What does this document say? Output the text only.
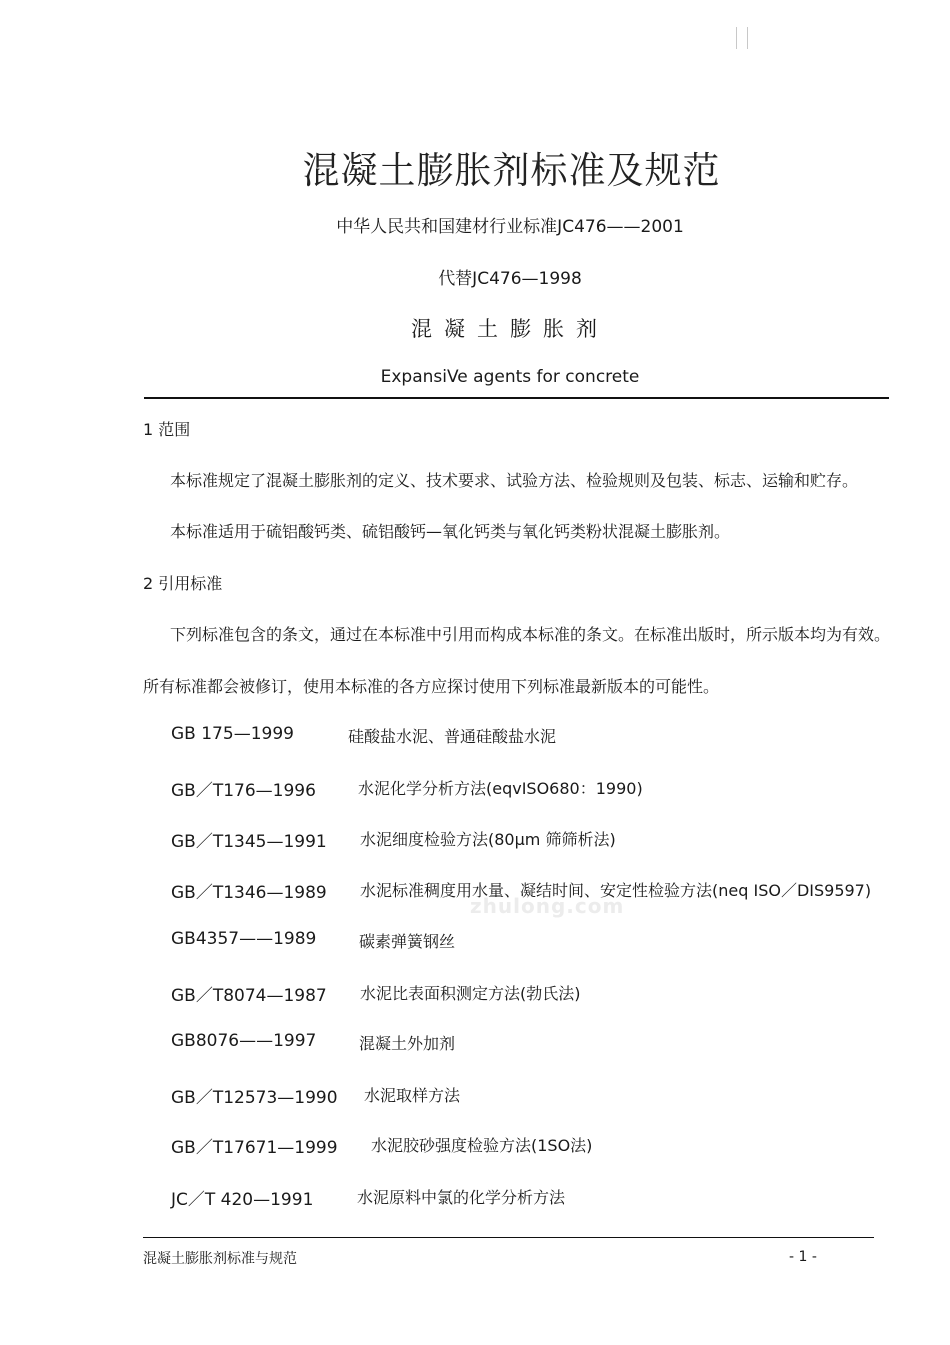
混凝土膨胀剂标准及规范
中华人民共和国建材行业标准JC476——2001
代替JC476—1998
混凝土膨胀剂
ExpansiVe agents for concrete
1 范围
本标准规定了混凝土膨胀剂的定义、技术要求、试验方法、检验规则及包装、标志、运输和贮存。
本标准适用于硫铝酸钙类、硫铝酸钙—氧化钙类与氧化钙类粉状混凝土膨胀剂。
2 引用标准
下列标准包含的条文，通过在本标准中引用而构成本标准的条文。在标准出版时，所示版本均为有效。
所有标准都会被修订，使用本标准的各方应探讨使用下列标准最新版本的可能性。
GB 175—1999	硅酸盐水泥、普通硅酸盐水泥
GB／T176—1996	水泥化学分析方法(eqvISO680：1990)
GB／T1345—1991 水泥细度检验方法(80μm 筛筛析法)
GB／T1346—1989 水泥标准稠度用水量、凝结时间、安定性检验方法(neq ISO／DIS9597)
zhulong.com
GB4357——1989	碳素弹簧钢丝
GB／T8074—1987 水泥比表面积测定方法(勃氏法)
GB8076——1997	混凝土外加剂
GB／T12573—1990 水泥取样方法
GB／T17671—1999 水泥胶砂强度检验方法(1SO法)
JC／T 420—1991	水泥原料中氯的化学分析方法
混凝土膨胀剂标准与规范	- 1 -
